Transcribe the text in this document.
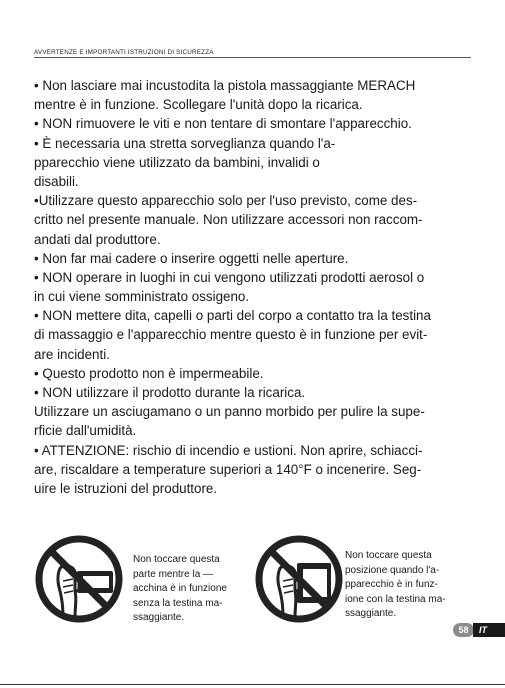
AVVERTENZE E IMPORTANTI ISTRUZIONI DI SICUREZZA
• Non lasciare mai incustodita la pistola massaggiante MERACH
mentre è in funzione. Scollegare l'unità dopo la ricarica.
• NON rimuovere le viti e non tentare di smontare l'apparecchio.
• È necessaria una stretta sorveglianza quando l'a-
pparecchio viene utilizzato da bambini, invalidi o
disabili.
•Utilizzare questo apparecchio solo per l'uso previsto, come des-
critto nel presente manuale. Non utilizzare accessori non raccom-
andati dal produttore.
• Non far mai cadere o inserire oggetti nelle aperture.
• NON operare in luoghi in cui vengono utilizzati prodotti aerosol o
in cui viene somministrato ossigeno.
• NON mettere dita, capelli o parti del corpo a contatto tra la testina
di massaggio e l'apparecchio mentre questo è in funzione per evit-
are incidenti.
• Questo prodotto non è impermeabile.
• NON utilizzare il prodotto durante la ricarica.
Utilizzare un asciugamano o un panno morbido per pulire la supe-
rficie dall'umidità.
• ATTENZIONE: rischio di incendio e ustioni. Non aprire, schiacci-
are, riscaldare a temperature superiori a 140°F o incenerire. Seg-
uire le istruzioni del produttore.
Non toccare questa
parte mentre la —
acchina è in funzione
senza la testina ma-
ssaggiante.
Non toccare questa
posizione quando l'a-
pparecchio è in funz-
ione con la testina ma-
ssaggiante.
58	IT
